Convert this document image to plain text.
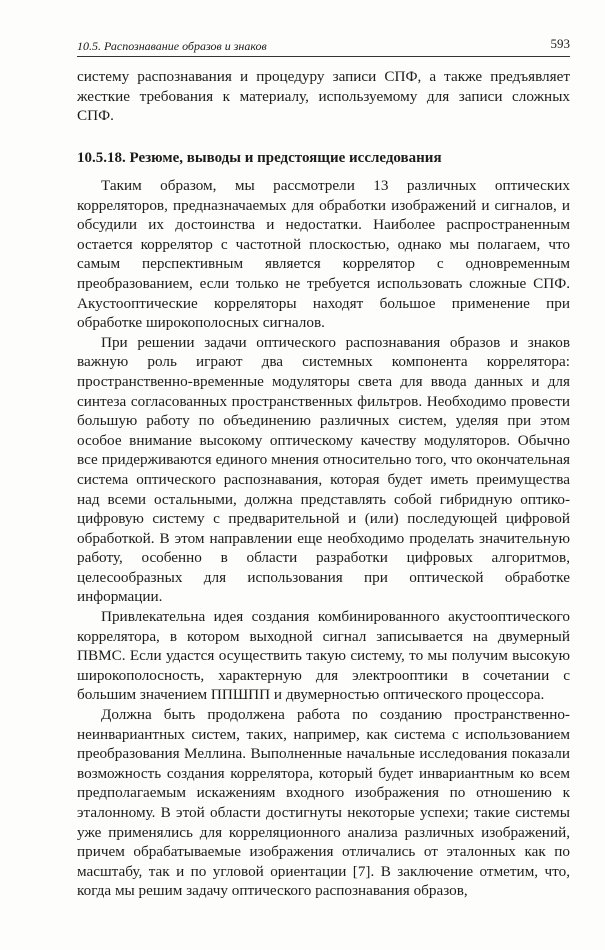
10.5. Распознавание образов и знаков	593

систему распознавания и процедуру записи СПФ, а также предъявляет жесткие требования к материалу, используемому для записи сложных СПФ.

10.5.18. Резюме, выводы и предстоящие исследования

Таким образом, мы рассмотрели 13 различных оптических корреляторов, предназначаемых для обработки изображений и сигналов, и обсудили их достоинства и недостатки. Наиболее распространенным остается коррелятор с частотной плоскостью, однако мы полагаем, что самым перспективным является коррелятор с одновременным преобразованием, если только не требуется использовать сложные СПФ. Акустооптические корреляторы находят большое применение при обработке широкополосных сигналов.

При решении задачи оптического распознавания образов и знаков важную роль играют два системных компонента коррелятора: пространственно-временные модуляторы света для ввода данных и для синтеза согласованных пространственных фильтров. Необходимо провести большую работу по объединению различных систем, уделяя при этом особое внимание высокому оптическому качеству модуляторов. Обычно все придерживаются единого мнения относительно того, что окончательная система оптического распознавания, которая будет иметь преимущества над всеми остальными, должна представлять собой гибридную оптико-цифровую систему с предварительной и (или) последующей цифровой обработкой. В этом направлении еще необходимо проделать значительную работу, особенно в области разработки цифровых алгоритмов, целесообразных для использования при оптической обработке информации.

Привлекательна идея создания комбинированного акустооптического коррелятора, в котором выходной сигнал записывается на двумерный ПВМС. Если удастся осуществить такую систему, то мы получим высокую широкополосность, характерную для электрооптики в сочетании с большим значением ППШПП и двумерностью оптического процессора.

Должна быть продолжена работа по созданию пространственно-неинвариантных систем, таких, например, как система с использованием преобразования Меллина. Выполненные начальные исследования показали возможность создания коррелятора, который будет инвариантным ко всем предполагаемым искажениям входного изображения по отношению к эталонному. В этой области достигнуты некоторые успехи; такие системы уже применялись для корреляционного анализа различных изображений, причем обрабатываемые изображения отличались от эталонных как по масштабу, так и по угловой ориентации [7]. В заключение отметим, что, когда мы решим задачу оптического распознавания образов,
